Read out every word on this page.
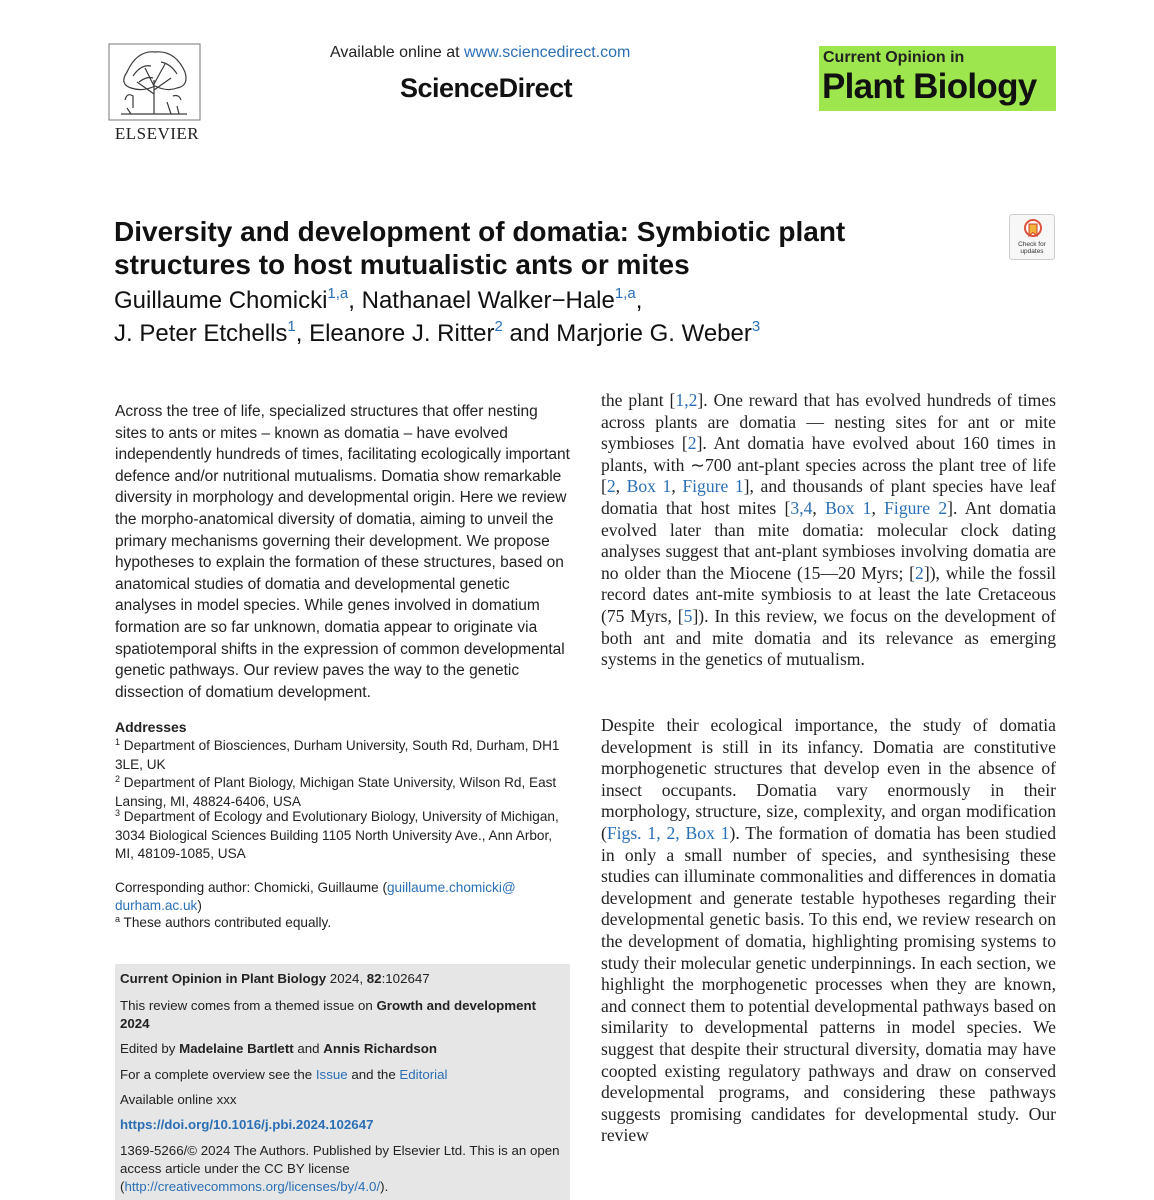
ELSEVIER
Available online at www.sciencedirect.com
ScienceDirect
Current Opinion in
Plant Biology
Diversity and development of domatia: Symbiotic plant
structures to host mutualistic ants or mites
Check for
updates
Guillaume Chomicki$^{1,a}$, Nathanael Walker−Hale$^{1,a}$,
J. Peter Etchells$^1$, Eleanore J. Ritter$^2$ and Marjorie G. Weber$^3$

Across the tree of life, specialized structures that offer nesting sites to ants or mites – known as domatia – have evolved independently hundreds of times, facilitating ecologically important defence and/or nutritional mutualisms. Domatia show remarkable diversity in morphology and developmental origin. Here we review the morpho-anatomical diversity of domatia, aiming to unveil the primary mechanisms governing their development. We propose hypotheses to explain the formation of these structures, based on anatomical studies of domatia and developmental genetic analyses in model species. While genes involved in domatium formation are so far unknown, domatia appear to originate via spatiotemporal shifts in the expression of common developmental genetic pathways. Our review paves the way to the genetic dissection of domatium development.

Addresses

$^1$ Department of Biosciences, Durham University, South Rd, Durham, DH1 3LE, UK

$^2$ Department of Plant Biology, Michigan State University, Wilson Rd, East Lansing, MI, 48824-6406, USA

$^3$ Department of Ecology and Evolutionary Biology, University of Michigan, 3034 Biological Sciences Building 1105 North University Ave., Ann Arbor, MI, 48109-1085, USA

Corresponding author: Chomicki, Guillaume (guillaume.chomicki@
durham.ac.uk)

$^a$ These authors contributed equally.

Current Opinion in Plant Biology 2024, 82:102647

This review comes from a themed issue on Growth and development 2024

Edited by Madelaine Bartlett and Annis Richardson

For a complete overview see the Issue and the Editorial

Available online xxx

https://doi.org/10.1016/j.pbi.2024.102647

1369-5266/© 2024 The Authors. Published by Elsevier Ltd. This is an open access article under the CC BY license (http://creativecommons.org/licenses/by/4.0/).

the plant [1,2]. One reward that has evolved hundreds of times across plants are domatia — nesting sites for ant or mite symbioses [2]. Ant domatia have evolved about 160 times in plants, with ∼700 ant-plant species across the plant tree of life [2, Box 1, Figure 1], and thousands of plant species have leaf domatia that host mites [3,4, Box 1, Figure 2]. Ant domatia evolved later than mite domatia: molecular clock dating analyses suggest that ant-plant symbioses involving domatia are no older than the Miocene (15—20 Myrs; [2]), while the fossil record dates ant-mite symbiosis to at least the late Cretaceous (75 Myrs, [5]). In this review, we focus on the development of both ant and mite domatia and its relevance as emerging systems in the genetics of mutualism.

Despite their ecological importance, the study of domatia development is still in its infancy. Domatia are constitutive morphogenetic structures that develop even in the absence of insect occupants. Domatia vary enormously in their morphology, structure, size, complexity, and organ modification (Figs. 1, 2, Box 1). The formation of domatia has been studied in only a small number of species, and synthesising these studies can illuminate commonalities and differences in domatia development and generate testable hypotheses regarding their developmental genetic basis. To this end, we review research on the development of domatia, highlighting promising systems to study their molecular genetic underpinnings. In each section, we highlight the morphogenetic processes when they are known, and connect them to potential developmental pathways based on similarity to developmental patterns in model species. We suggest that despite their structural diversity, domatia may have coopted existing regulatory pathways and draw on conserved developmental programs, and considering these pathways suggests promising candidates for developmental study. Our review
